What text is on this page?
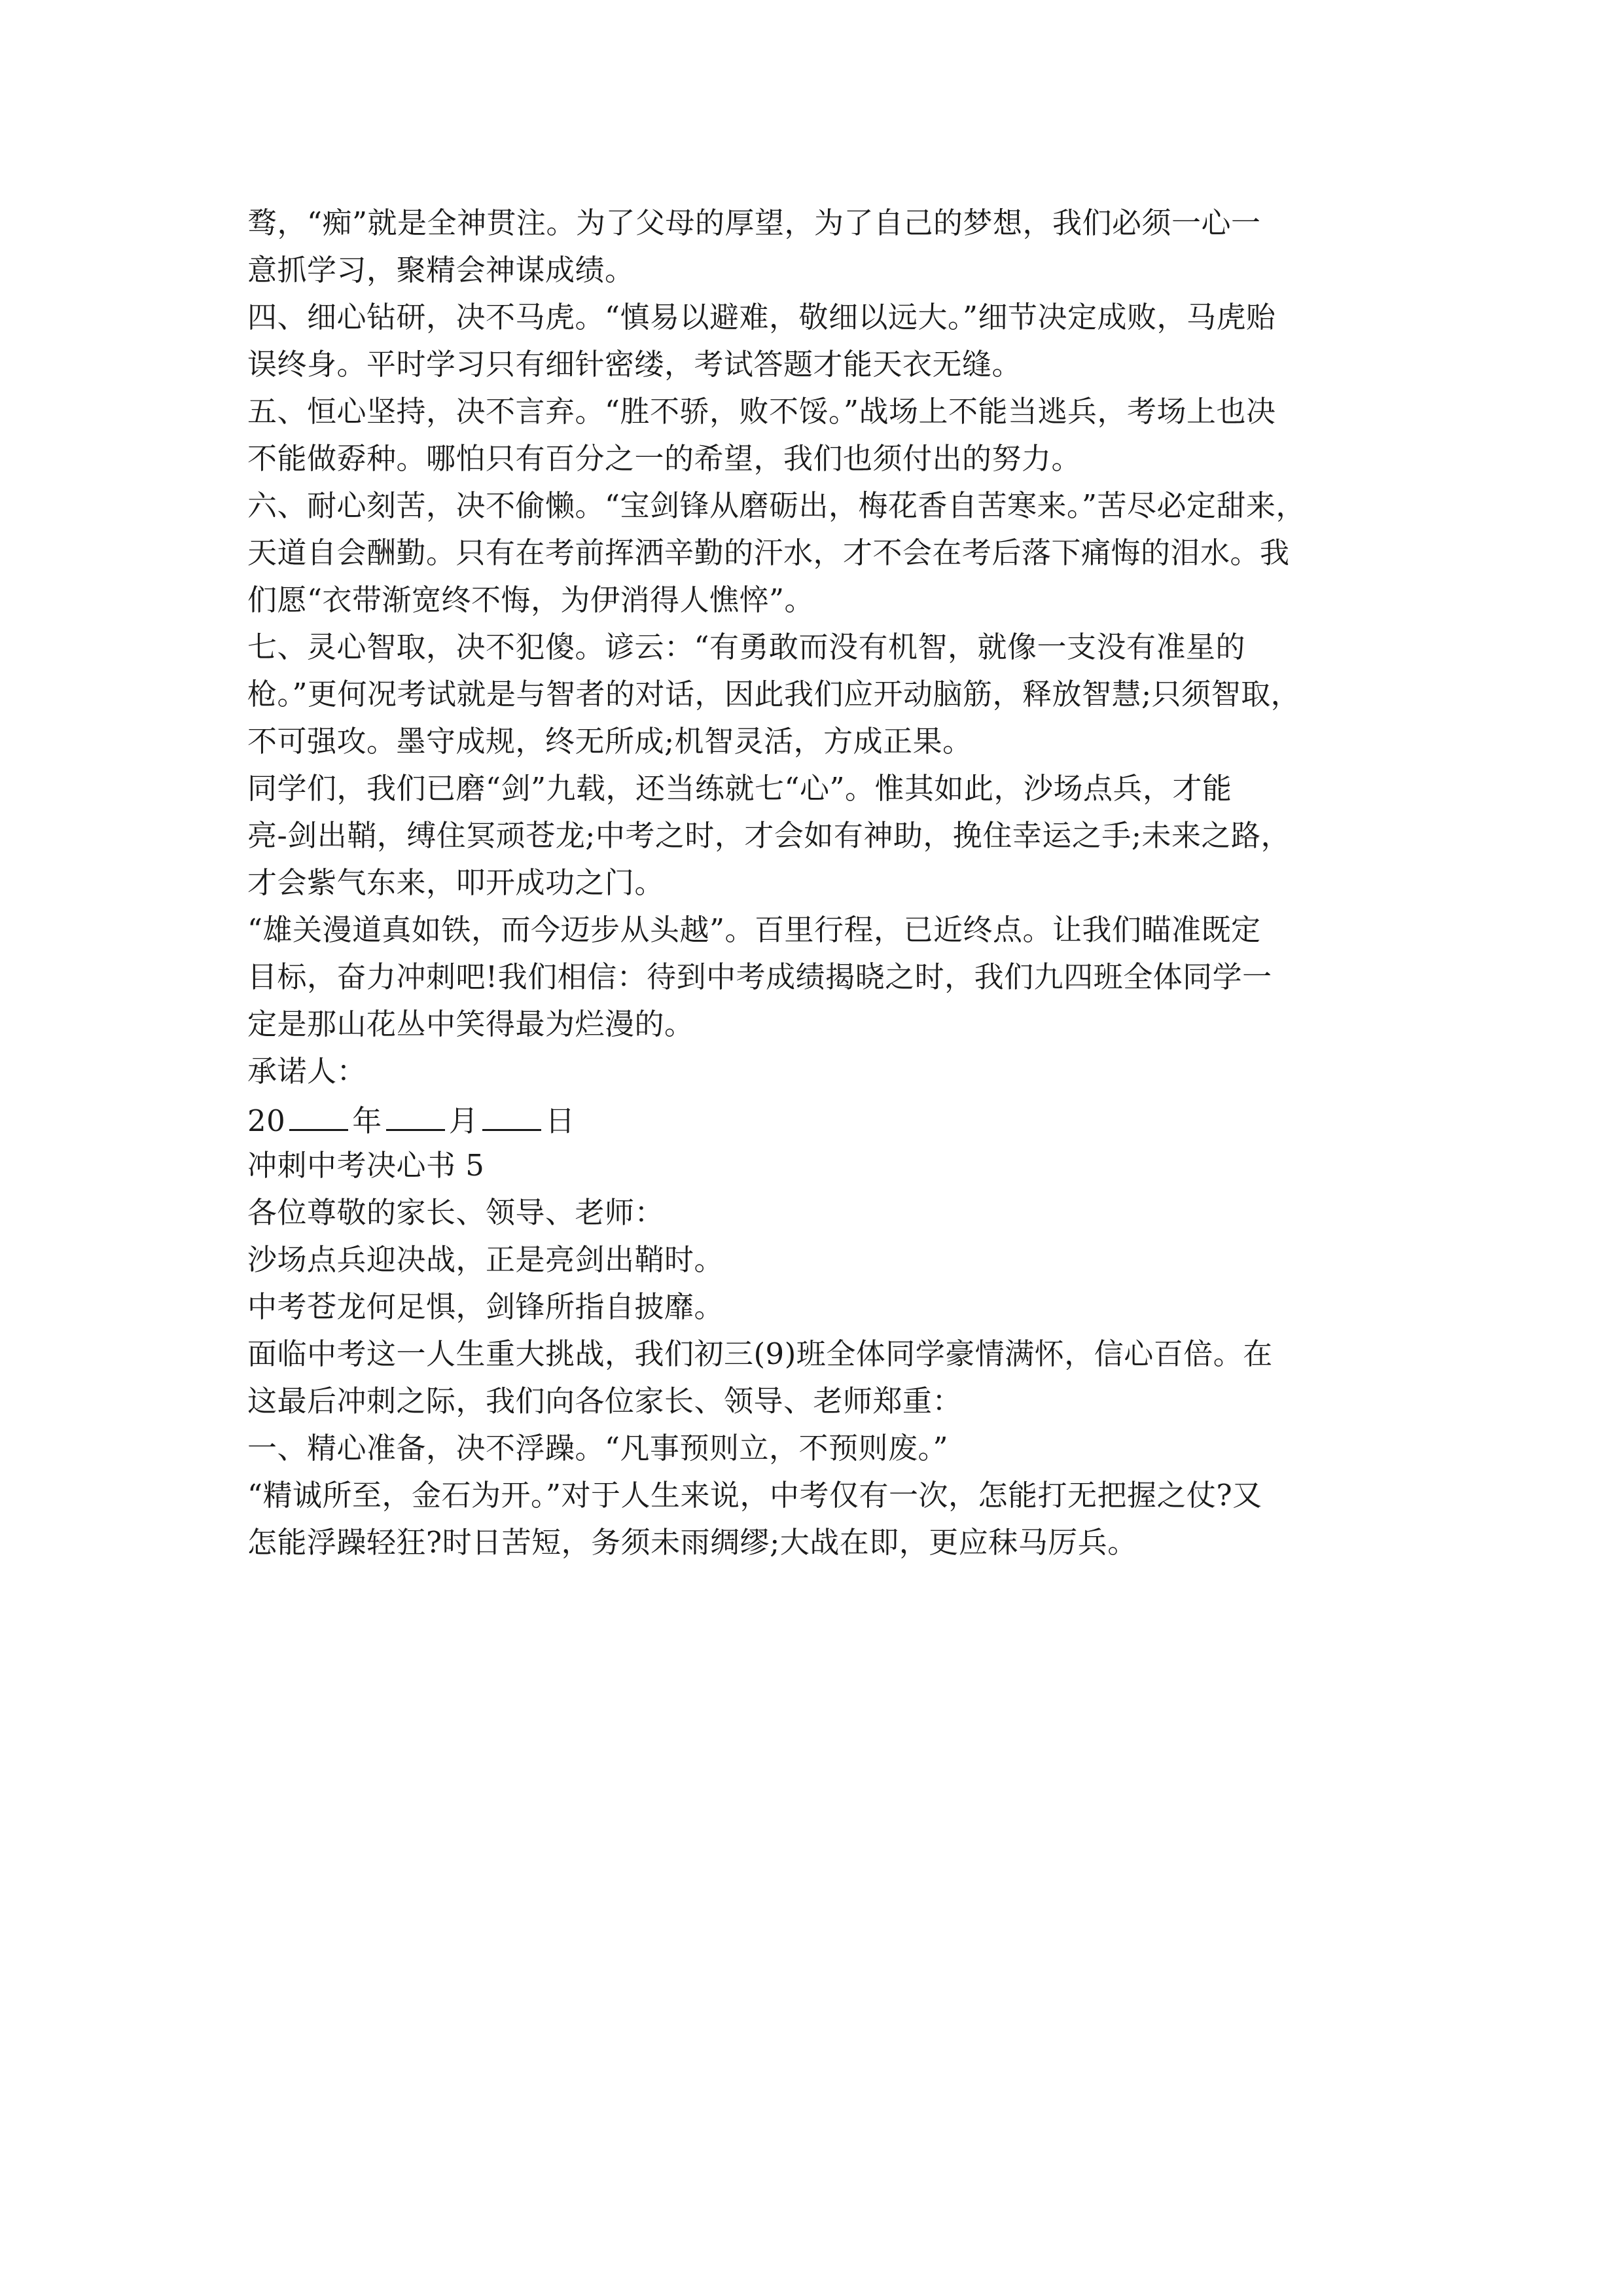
骛，“痴”就是全神贯注。为了父母的厚望，为了自己的梦想，我们必须一心一
意抓学习，聚精会神谋成绩。
四、细心钻研，决不马虎。“慎易以避难，敬细以远大。”细节决定成败，马虎贻
误终身。平时学习只有细针密缕，考试答题才能天衣无缝。
五、恒心坚持，决不言弃。“胜不骄，败不馁。”战场上不能当逃兵，考场上也决
不能做孬种。哪怕只有百分之一的希望，我们也须付出的努力。
六、耐心刻苦，决不偷懒。“宝剑锋从磨砺出，梅花香自苦寒来。”苦尽必定甜来，
天道自会酬勤。只有在考前挥洒辛勤的汗水，才不会在考后落下痛悔的泪水。我
们愿“衣带渐宽终不悔，为伊消得人憔悴”。
七、灵心智取，决不犯傻。谚云：“有勇敢而没有机智，就像一支没有准星的
枪。”更何况考试就是与智者的对话，因此我们应开动脑筋，释放智慧;只须智取，
不可强攻。墨守成规，终无所成;机智灵活，方成正果。
同学们，我们已磨“剑”九载，还当练就七“心”。惟其如此，沙场点兵，才能
亮-剑出鞘，缚住冥顽苍龙;中考之时，才会如有神助，挽住幸运之手;未来之路，
才会紫气东来，叩开成功之门。
“雄关漫道真如铁，而今迈步从头越”。百里行程，已近终点。让我们瞄准既定
目标，奋力冲刺吧!我们相信：待到中考成绩揭晓之时，我们九四班全体同学一
定是那山花丛中笑得最为烂漫的。
承诺人：
20 年 月 日
冲刺中考决心书 5
各位尊敬的家长、领导、老师：
沙场点兵迎决战，正是亮剑出鞘时。
中考苍龙何足惧，剑锋所指自披靡。
面临中考这一人生重大挑战，我们初三(9)班全体同学豪情满怀，信心百倍。在
这最后冲刺之际，我们向各位家长、领导、老师郑重：
一、精心准备，决不浮躁。“凡事预则立，不预则废。”
“精诚所至，金石为开。”对于人生来说，中考仅有一次，怎能打无把握之仗?又
怎能浮躁轻狂?时日苦短，务须未雨绸缪;大战在即，更应秣马厉兵。
